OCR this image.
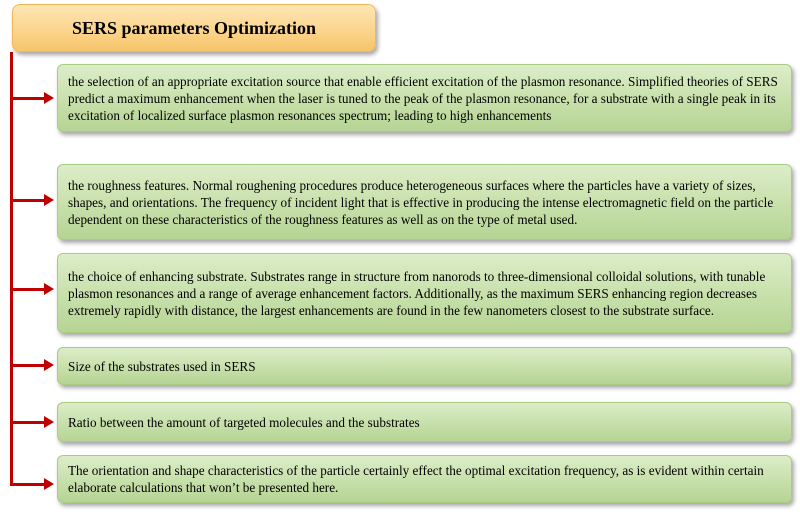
SERS parameters Optimization
the selection of an appropriate excitation source that enable efficient excitation of the plasmon resonance. Simplified theories of SERS predict a maximum enhancement when the laser is tuned to the peak of the plasmon resonance, for a substrate with a single peak in its excitation of localized surface plasmon resonances spectrum; leading to high enhancements
the roughness features. Normal roughening procedures produce heterogeneous surfaces where the particles have a variety of sizes, shapes, and orientations. The frequency of incident light that is effective in producing the intense electromagnetic field on the particle dependent on these characteristics of the roughness features as well as on the type of metal used.
the choice of enhancing substrate. Substrates range in structure from nanorods to three-dimensional colloidal solutions, with tunable plasmon resonances and a range of average enhancement factors. Additionally, as the maximum SERS enhancing region decreases extremely rapidly with distance, the largest enhancements are found in the few nanometers closest to the substrate surface.
Size of the substrates used in SERS
Ratio between the amount of targeted molecules and the substrates
The orientation and shape characteristics of the particle certainly effect the optimal excitation frequency, as is evident within certain elaborate calculations that won’t be presented here.
